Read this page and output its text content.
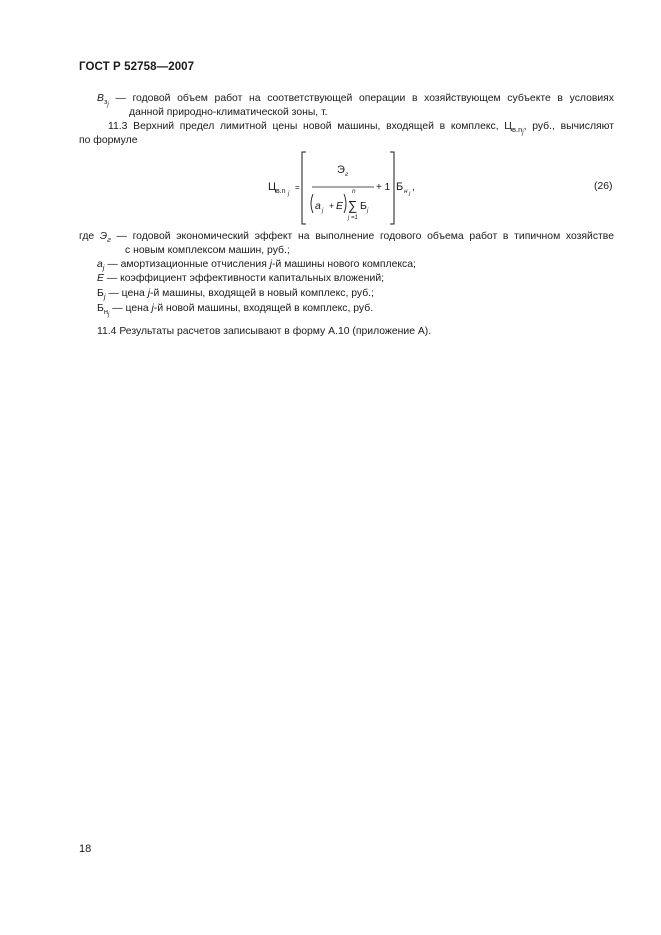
ГОСТ Р 52758—2007
$B_{з_j}$ — годовой объем работ на соответствующей операции в хозяйствующем субъекте в условиях
данной природно-климатической зоны, т.
11.3 Верхний предел лимитной цены новой машины, входящей в комплекс, $Ц_{в.n_j}$, руб., вычисляют
по формуле
Ц в.n j
=
Э г
a j + E
n
∑
j =1
Б j
+ 1 Б н j
,	(26)
где $Э_г$ — годовой экономический эффект на выполнение годового объема работ в типичном хозяйстве
с новым комплексом машин, руб.;
$a_j$ — амортизационные отчисления j-й машины нового комплекса;
E — коэффициент эффективности капитальных вложений;
$Б_j$ — цена j-й машины, входящей в новый комплекс, руб.;
$Б_{н_j}$ — цена j-й новой машины, входящей в комплекс, руб.
11.4 Результаты расчетов записывают в форму А.10 (приложение А).
18
